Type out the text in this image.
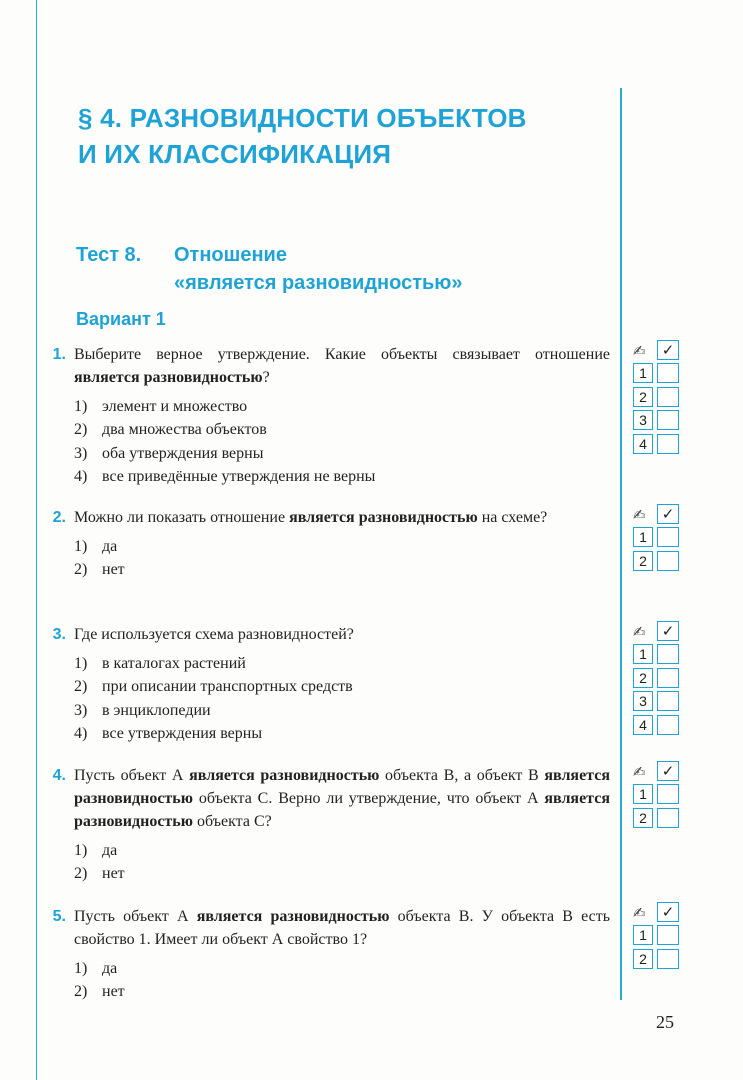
§ 4. РАЗНОВИДНОСТИ ОБЪЕКТОВ
И ИХ КЛАССИФИКАЦИЯ
Тест 8. Отношение
«является разновидностью»
Вариант 1
1. Выберите верное утверждение. Какие объекты связывает отношение является разновидностью?
1) элемент и множество
2) два множества объектов
3) оба утверждения верны
4) все приведённые утверждения не верны
✍	✓
1
2
3
4
2. Можно ли показать отношение является разновидностью на схеме?
1) да
2) нет
✍	✓
1
2
3. Где используется схема разновидностей?
1) в каталогах растений
2) при описании транспортных средств
3) в энциклопедии
4) все утверждения верны
✍	✓
1
2
3
4
4. Пусть объект А является разновидностью объекта В, а объект В является разновидностью объекта С. Верно ли утверждение, что объект А является разновидностью объекта С?
1) да
2) нет
✍	✓
1
2
5. Пусть объект А является разновидностью объекта В. У объекта В есть свойство 1. Имеет ли объект А свойство 1?
1) да
2) нет
✍	✓
1
2
25
